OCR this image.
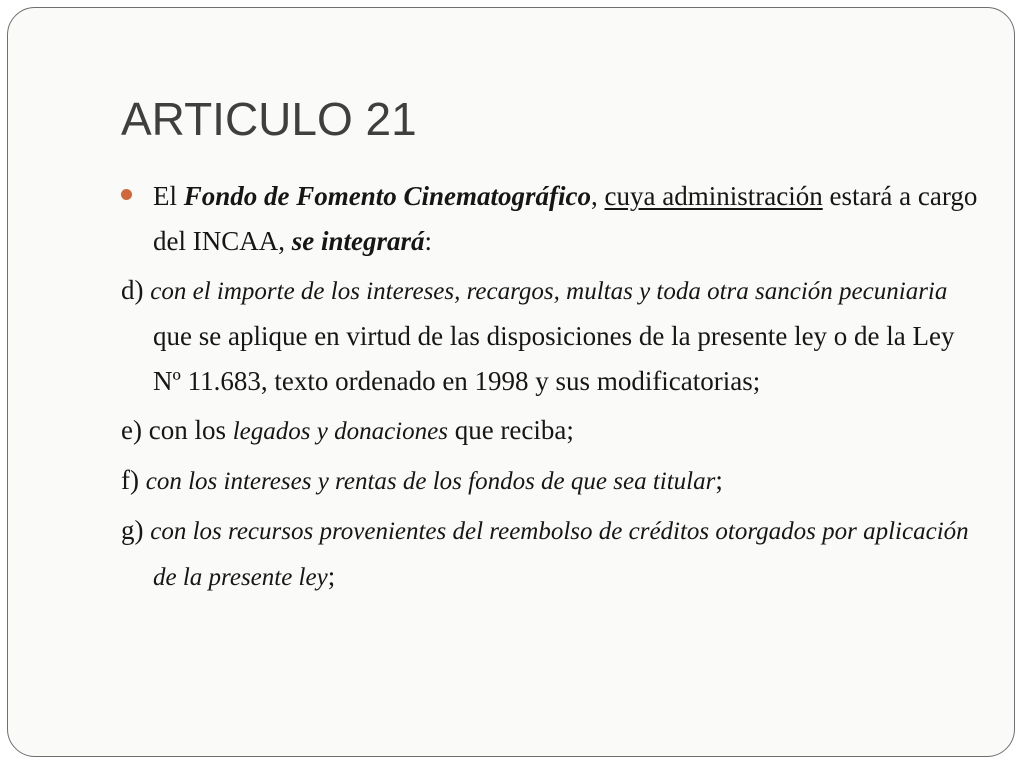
ARTICULO 21

El Fondo de Fomento Cinematográfico, cuya administración estará a cargo del INCAA, se integrará:

d) con el importe de los intereses, recargos, multas y toda otra sanción pecuniaria que se aplique en virtud de las disposiciones de la presente ley o de la Ley Nº 11.683, texto ordenado en 1998 y sus modificatorias;

e) con los legados y donaciones que reciba;

f) con los intereses y rentas de los fondos de que sea titular;

g) con los recursos provenientes del reembolso de créditos otorgados por aplicación de la presente ley;
